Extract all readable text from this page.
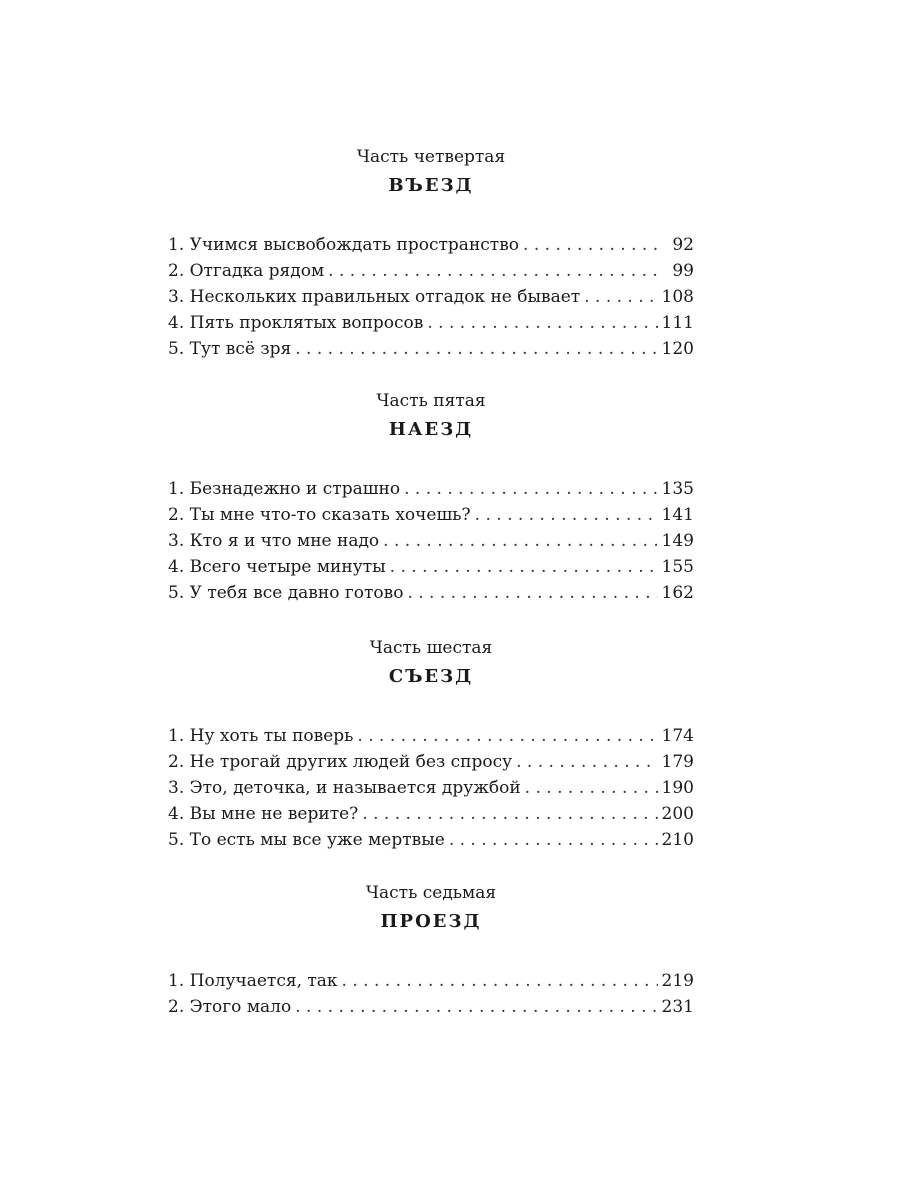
Часть четвертая

ВЪЕЗД
1. Учимся высвобождать пространство . . .	92
2. Отгадка рядом . . .	99
3. Нескольких правильных отгадок не бывает . . .	108
4. Пять проклятых вопросов . . .	111
5. Тут всё зря . . .	120

Часть пятая

НАЕЗД
1. Безнадежно и страшно . . .	135
2. Ты мне что-то сказать хочешь? . . .	141
3. Кто я и что мне надо . . .	149
4. Всего четыре минуты . . .	155
5. У тебя все давно готово . . .	162

Часть шестая

СЪЕЗД
1. Ну хоть ты поверь . . .	174
2. Не трогай других людей без спросу . . .	179
3. Это, деточка, и называется дружбой . . .	190
4. Вы мне не верите? . . .	200
5. То есть мы все уже мертвые . . .	210

Часть седьмая

ПРОЕЗД
1. Получается, так . . .	219
2. Этого мало . . .	231
